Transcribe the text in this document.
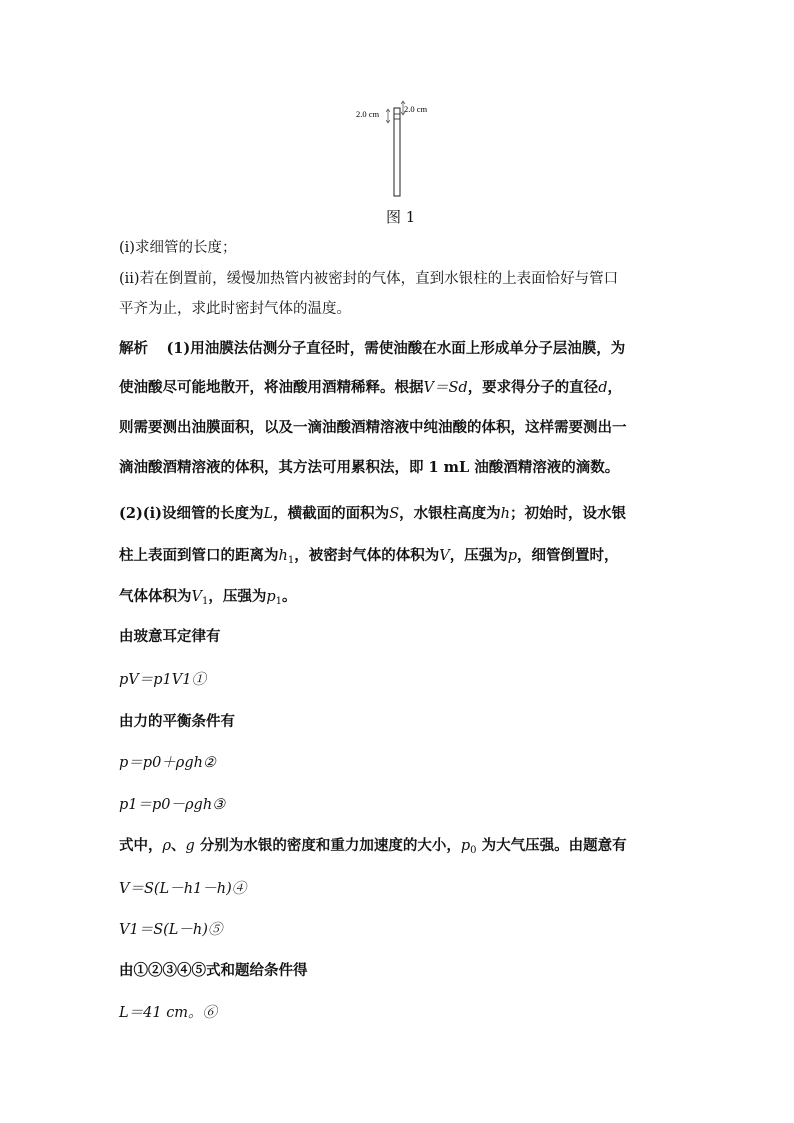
2.0 cm	2.0 cm
图 1
(ⅰ)求细管的长度；
(ⅱ)若在倒置前，缓慢加热管内被密封的气体，直到水银柱的上表面恰好与管口
平齐为止，求此时密封气体的温度。
解析 (1)用油膜法估测分子直径时，需使油酸在水面上形成单分子层油膜，为
使油酸尽可能地散开，将油酸用酒精稀释。根据V＝Sd，要求得分子的直径d，
则需要测出油膜面积，以及一滴油酸酒精溶液中纯油酸的体积，这样需要测出一
滴油酸酒精溶液的体积，其方法可用累积法，即 1 mL 油酸酒精溶液的滴数。
(2)(ⅰ)设细管的长度为L，横截面的面积为S，水银柱高度为h；初始时，设水银
柱上表面到管口的距离为$h_1$，被密封气体的体积为V，压强为p，细管倒置时，
气体体积为$V_1$，压强为$p_1$。
由玻意耳定律有
pV＝p1V1①
由力的平衡条件有
p＝p0＋ρgh②
p1＝p0－ρgh③
式中，ρ、g 分别为水银的密度和重力加速度的大小，$p_0$ 为大气压强。由题意有
V＝S(L－h1－h)④
V1＝S(L－h)⑤
由①②③④⑤式和题给条件得
L＝41 cm。⑥
